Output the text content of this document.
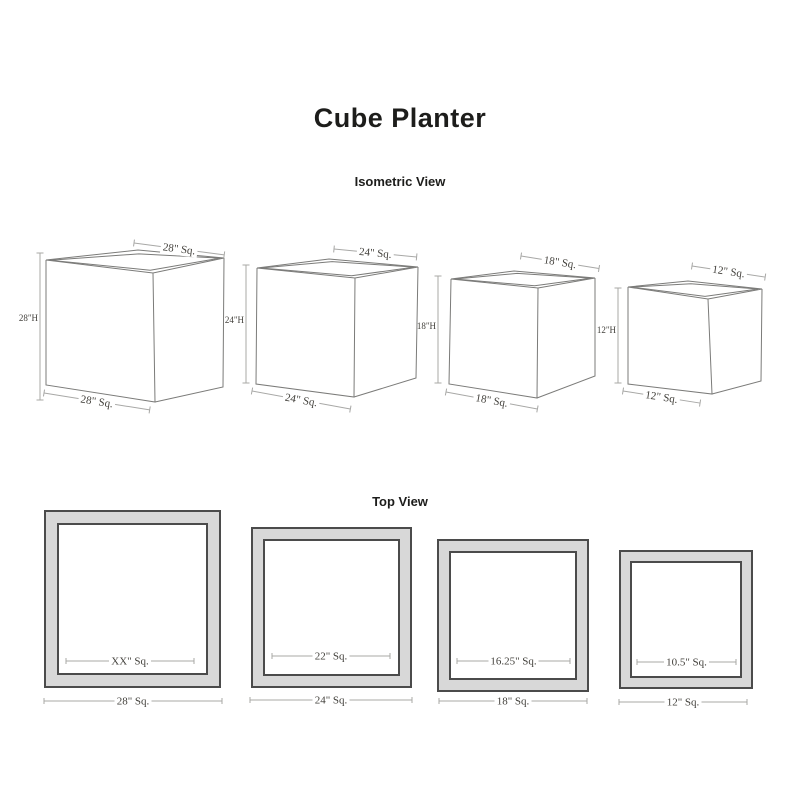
Cube Planter
Isometric View
Top View
28" Sq.
28"H
28" Sq.
24" Sq.
24"H
24" Sq.
18" Sq.
18"H
18" Sq.
12" Sq.
12"H
12" Sq.
XX" Sq.
28" Sq.
22" Sq.
24" Sq.
16.25" Sq.
18" Sq.
10.5" Sq.
12" Sq.
